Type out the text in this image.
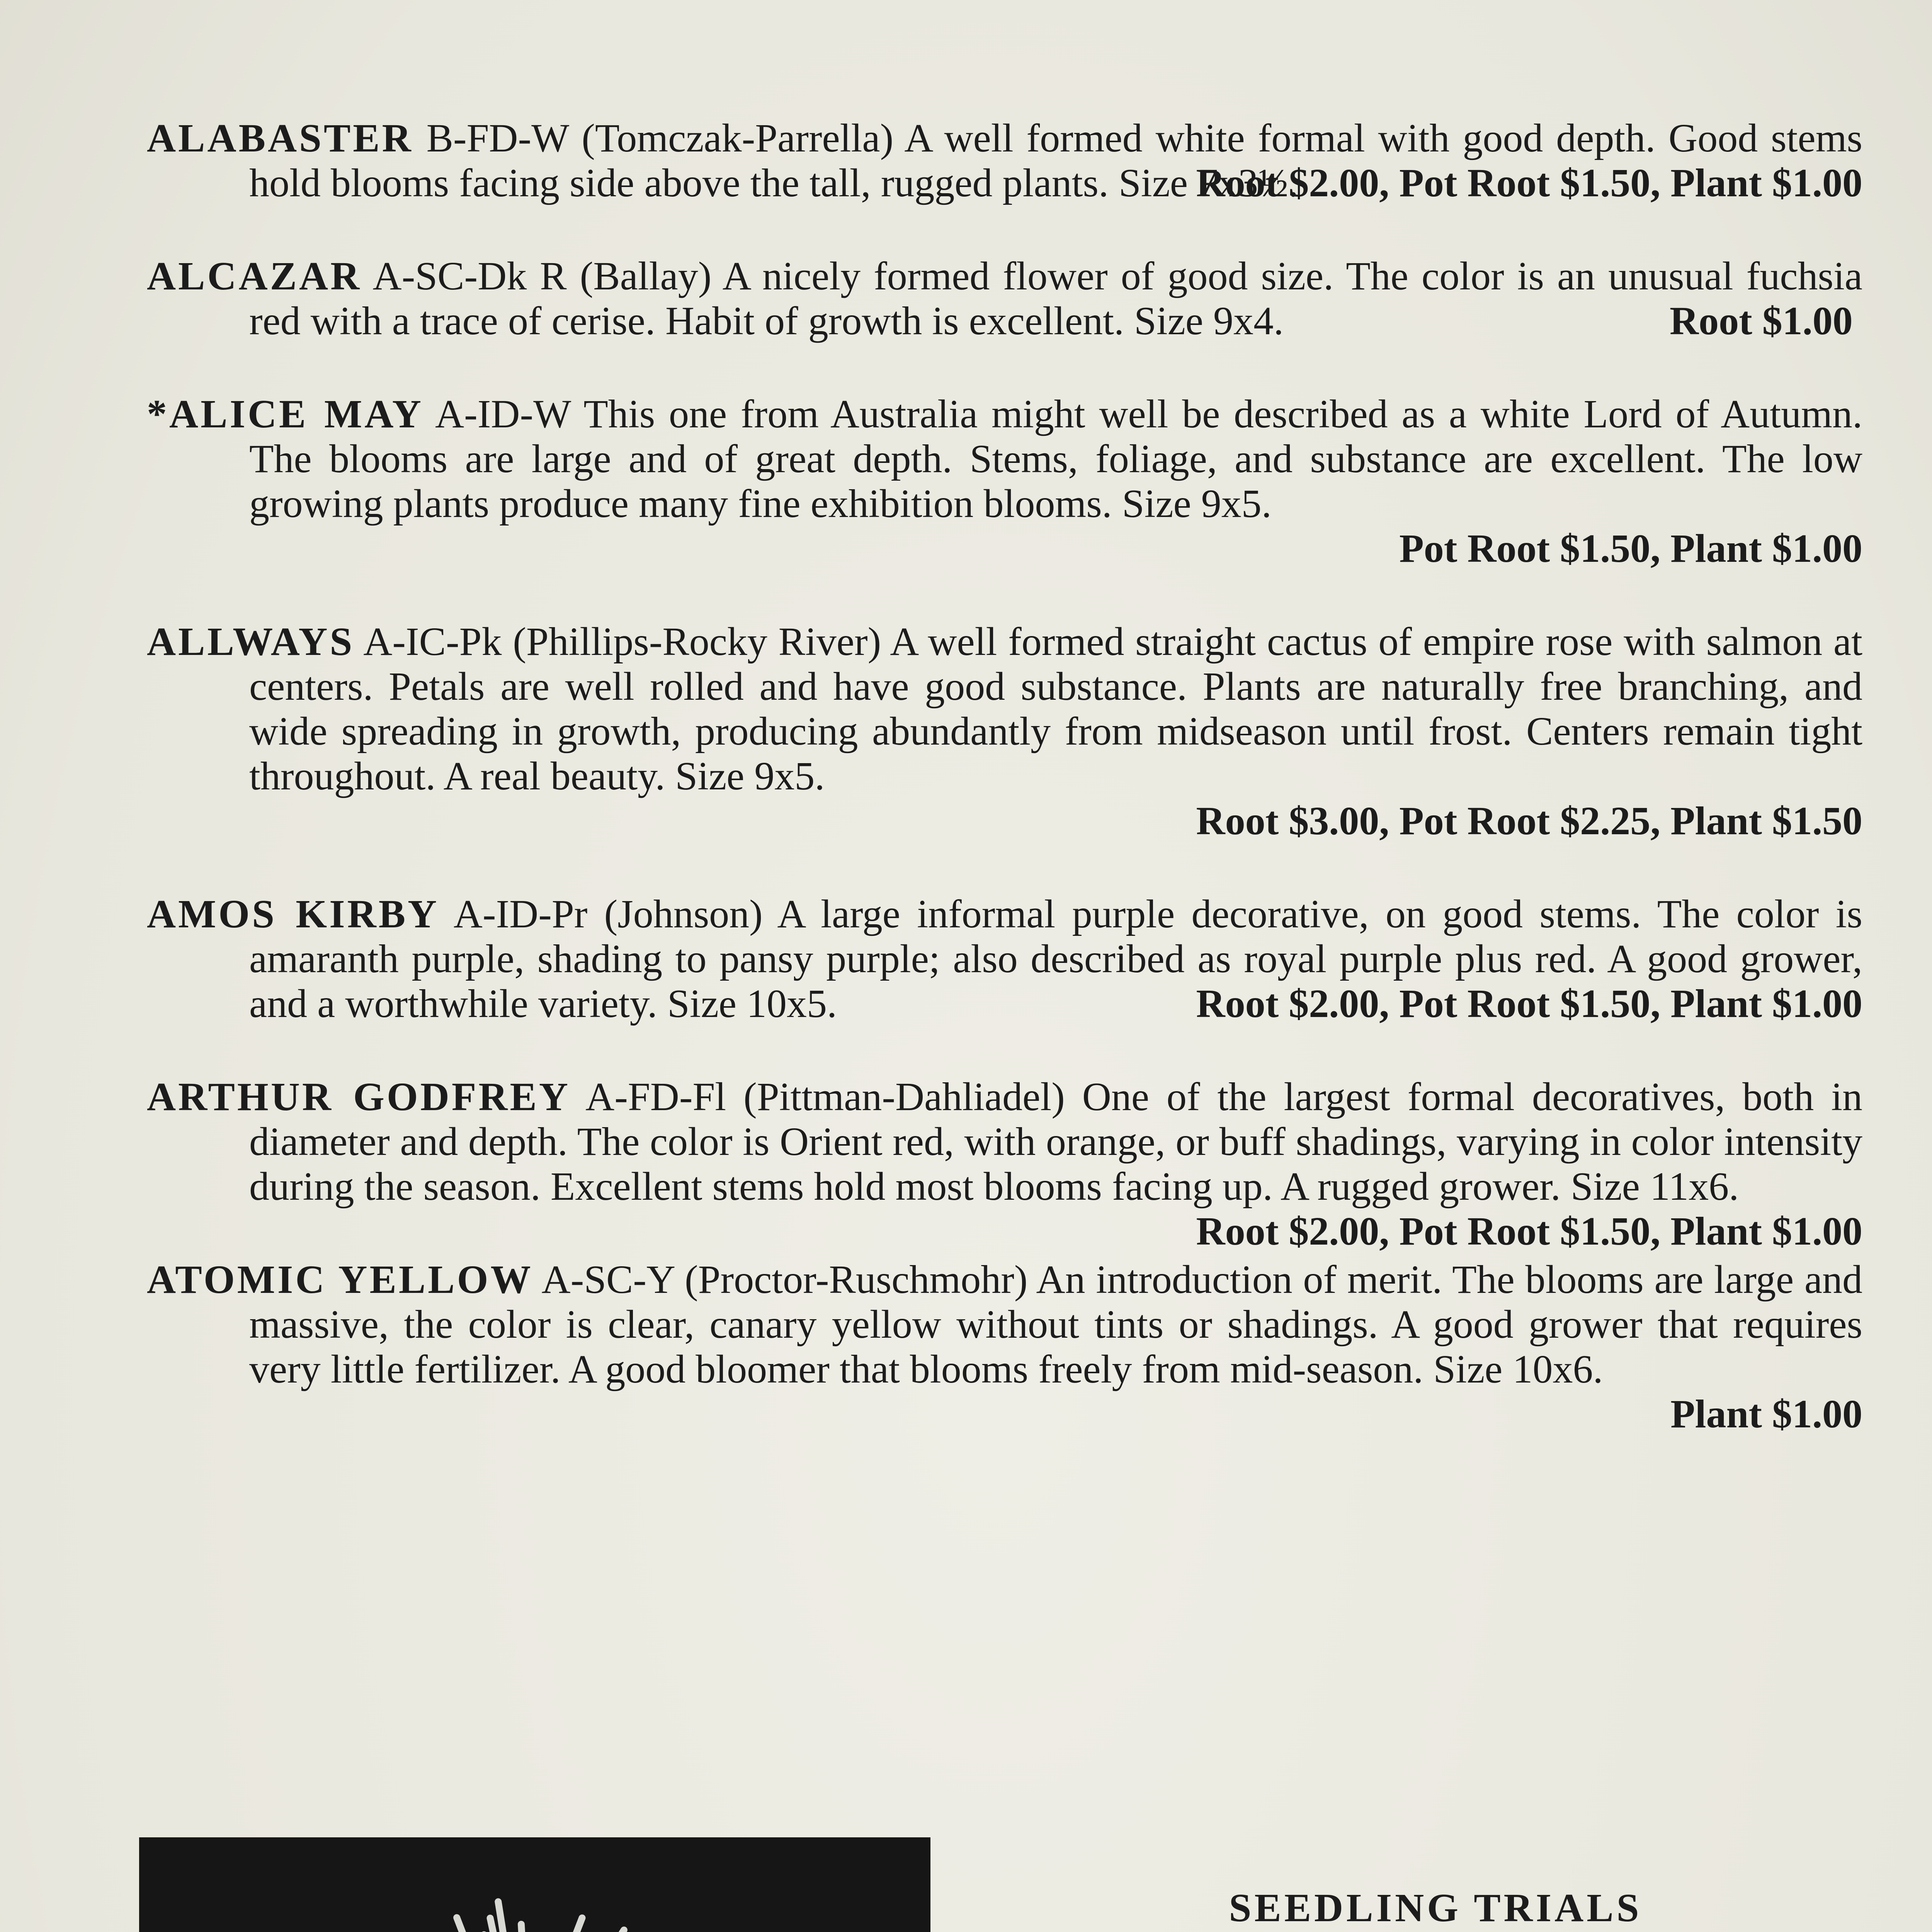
ALABASTER B-FD-W (Tomczak-Parrella) A well formed white formal with good depth. Good stems hold blooms facing side above the tall, rugged plants. Size 7x3½.
Root $2.00, Pot Root $1.50, Plant $1.00
ALCAZAR A-SC-Dk R (Ballay) A nicely formed flower of good size. The color is an unusual fuchsia red with a trace of cerise. Habit of growth is excellent. Size 9x4.	Root $1.00
*ALICE MAY A-ID-W This one from Australia might well be described as a white Lord of Autumn. The blooms are large and of great depth. Stems, foliage, and substance are excellent. The low growing plants produce many fine exhibition blooms. Size 9x5.
Pot Root $1.50, Plant $1.00
ALLWAYS A-IC-Pk (Phillips-Rocky River) A well formed straight cactus of empire rose with salmon at centers. Petals are well rolled and have good substance. Plants are naturally free branching, and wide spreading in growth, producing abundantly from midseason until frost. Centers remain tight throughout. A real beauty. Size 9x5.
Root $3.00, Pot Root $2.25, Plant $1.50
AMOS KIRBY A-ID-Pr (Johnson) A large informal purple decorative, on good stems. The color is amaranth purple, shading to pansy purple; also described as royal purple plus red. A good grower, and a worthwhile variety. Size 10x5.	Root $2.00, Pot Root $1.50, Plant $1.00
ARTHUR GODFREY A-FD-Fl (Pittman-Dahliadel) One of the largest formal decoratives, both in diameter and depth. The color is Orient red, with orange, or buff shadings, varying in color intensity during the season. Excellent stems hold most blooms facing up. A rugged grower. Size 11x6.
Root $2.00, Pot Root $1.50, Plant $1.00
ATOMIC YELLOW A-SC-Y (Proctor-Ruschmohr) An introduction of merit. The blooms are large and massive, the color is clear, canary yellow without tints or shadings. A good grower that requires very little fertilizer. A good bloomer that blooms freely from mid-season. Size 10x6.
Plant $1.00
SEEDLING TRIALS
